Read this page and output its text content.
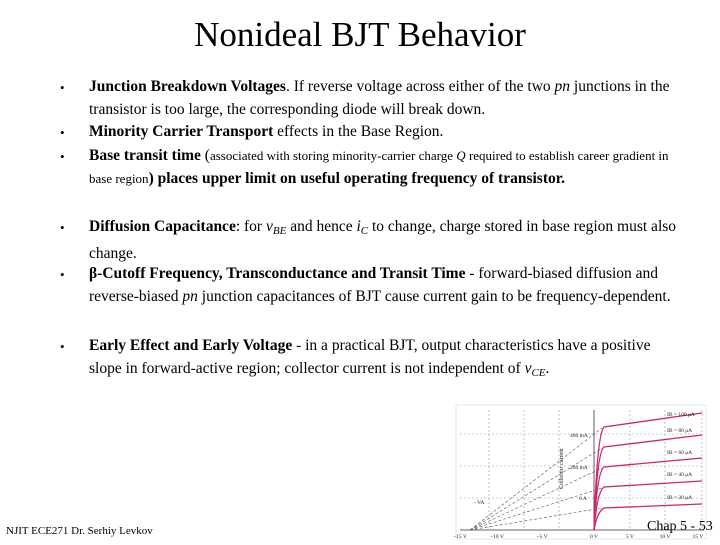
Nonideal BJT Behavior
• Junction Breakdown Voltages. If reverse voltage across either of the two pn junctions in the transistor is too large, the corresponding diode will break down.
• Minority Carrier Transport effects in the Base Region.
• Base transit time (associated with storing minority-carrier charge Q required to establish career gradient in base region) places upper limit on useful operating frequency of transistor.
• Diffusion Capacitance: for $v_{BE}$ and hence $i_C$ to change, charge stored in base region must also change.
• β-Cutoff Frequency, Transconductance and Transit Time - forward-biased diffusion and reverse-biased pn junction capacitances of BJT cause current gain to be frequency-dependent.
• Early Effect and Early Voltage - in a practical BJT, output characteristics have a positive slope in forward-active region; collector current is not independent of $v_{CE}$.
IB = 100 μA
IB = 80 μA
IB = 60 μA
IB = 40 μA
IB = 20 μA
400 mA
200 mA
0 A
−VA
Collector current
−15 V	−10 V	−5 V	0 V	5 V	10 V	15 V
NJIT ECE271 Dr. Serhiy Levkov	Chap 5 - 53
